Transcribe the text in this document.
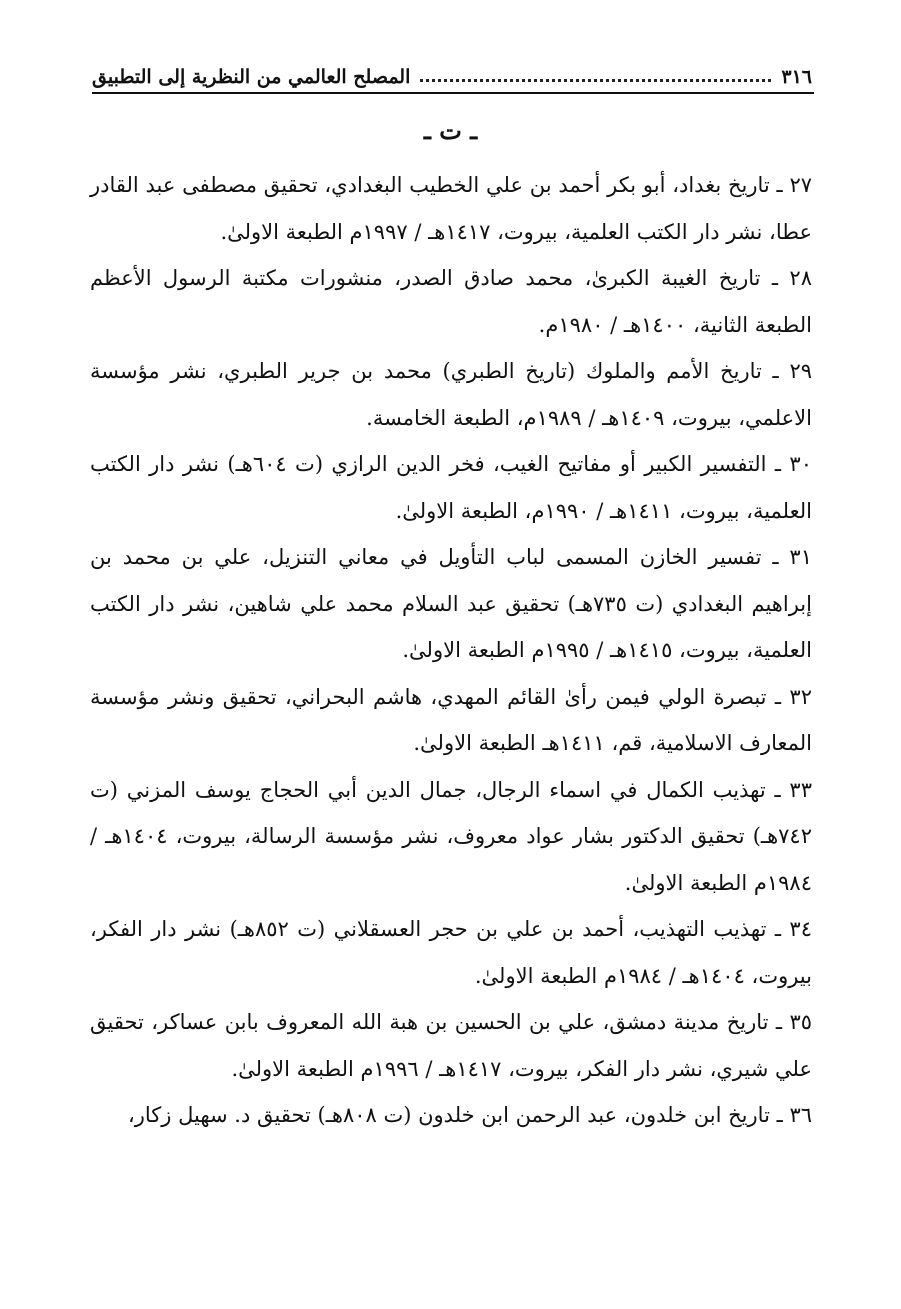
٣١٦
المصلح العالمي من النظرية إلى التطبيق
ـ ت ـ

٢٧ ـ تاريخ بغداد، أبو بكر أحمد بن علي الخطيب البغدادي، تحقيق مصطفى عبد القادر عطا، نشر دار الكتب العلمية، بيروت، ١٤١٧هـ / ١٩٩٧م الطبعة الاولىٰ.

٢٨ ـ تاريخ الغيبة الكبرىٰ، محمد صادق الصدر، منشورات مكتبة الرسول الأعظم الطبعة الثانية، ١٤٠٠هـ / ١٩٨٠م.

٢٩ ـ تاريخ الأمم والملوك (تاريخ الطبري) محمد بن جرير الطبري، نشر مؤسسة الاعلمي، بيروت، ١٤٠٩هـ / ١٩٨٩م، الطبعة الخامسة.

٣٠ ـ التفسير الكبير أو مفاتيح الغيب، فخر الدين الرازي (ت ٦٠٤هـ) نشر دار الكتب العلمية، بيروت، ١٤١١هـ / ١٩٩٠م، الطبعة الاولىٰ.

٣١ ـ تفسير الخازن المسمى لباب التأويل في معاني التنزيل، علي بن محمد بن إبراهيم البغدادي (ت ٧٣٥هـ) تحقيق عبد السلام محمد علي شاهين، نشر دار الكتب العلمية، بيروت، ١٤١٥هـ / ١٩٩٥م الطبعة الاولىٰ.

٣٢ ـ تبصرة الولي فيمن رأىٰ القائم المهدي، هاشم البحراني، تحقيق ونشر مؤسسة المعارف الاسلامية، قم، ١٤١١هـ الطبعة الاولىٰ.

٣٣ ـ تهذيب الكمال في اسماء الرجال، جمال الدين أبي الحجاج يوسف المزني (ت ٧٤٢هـ) تحقيق الدكتور بشار عواد معروف، نشر مؤسسة الرسالة، بيروت، ١٤٠٤هـ / ١٩٨٤م الطبعة الاولىٰ.

٣٤ ـ تهذيب التهذيب، أحمد بن علي بن حجر العسقلاني (ت ٨٥٢هـ) نشر دار الفكر، بيروت، ١٤٠٤هـ / ١٩٨٤م الطبعة الاولىٰ.

٣٥ ـ تاريخ مدينة دمشق، علي بن الحسين بن هبة الله المعروف بابن عساكر، تحقيق علي شيري، نشر دار الفكر، بيروت، ١٤١٧هـ / ١٩٩٦م الطبعة الاولىٰ.

٣٦ ـ تاريخ ابن خلدون، عبد الرحمن ابن خلدون (ت ٨٠٨هـ) تحقيق د. سهيل زكار،
